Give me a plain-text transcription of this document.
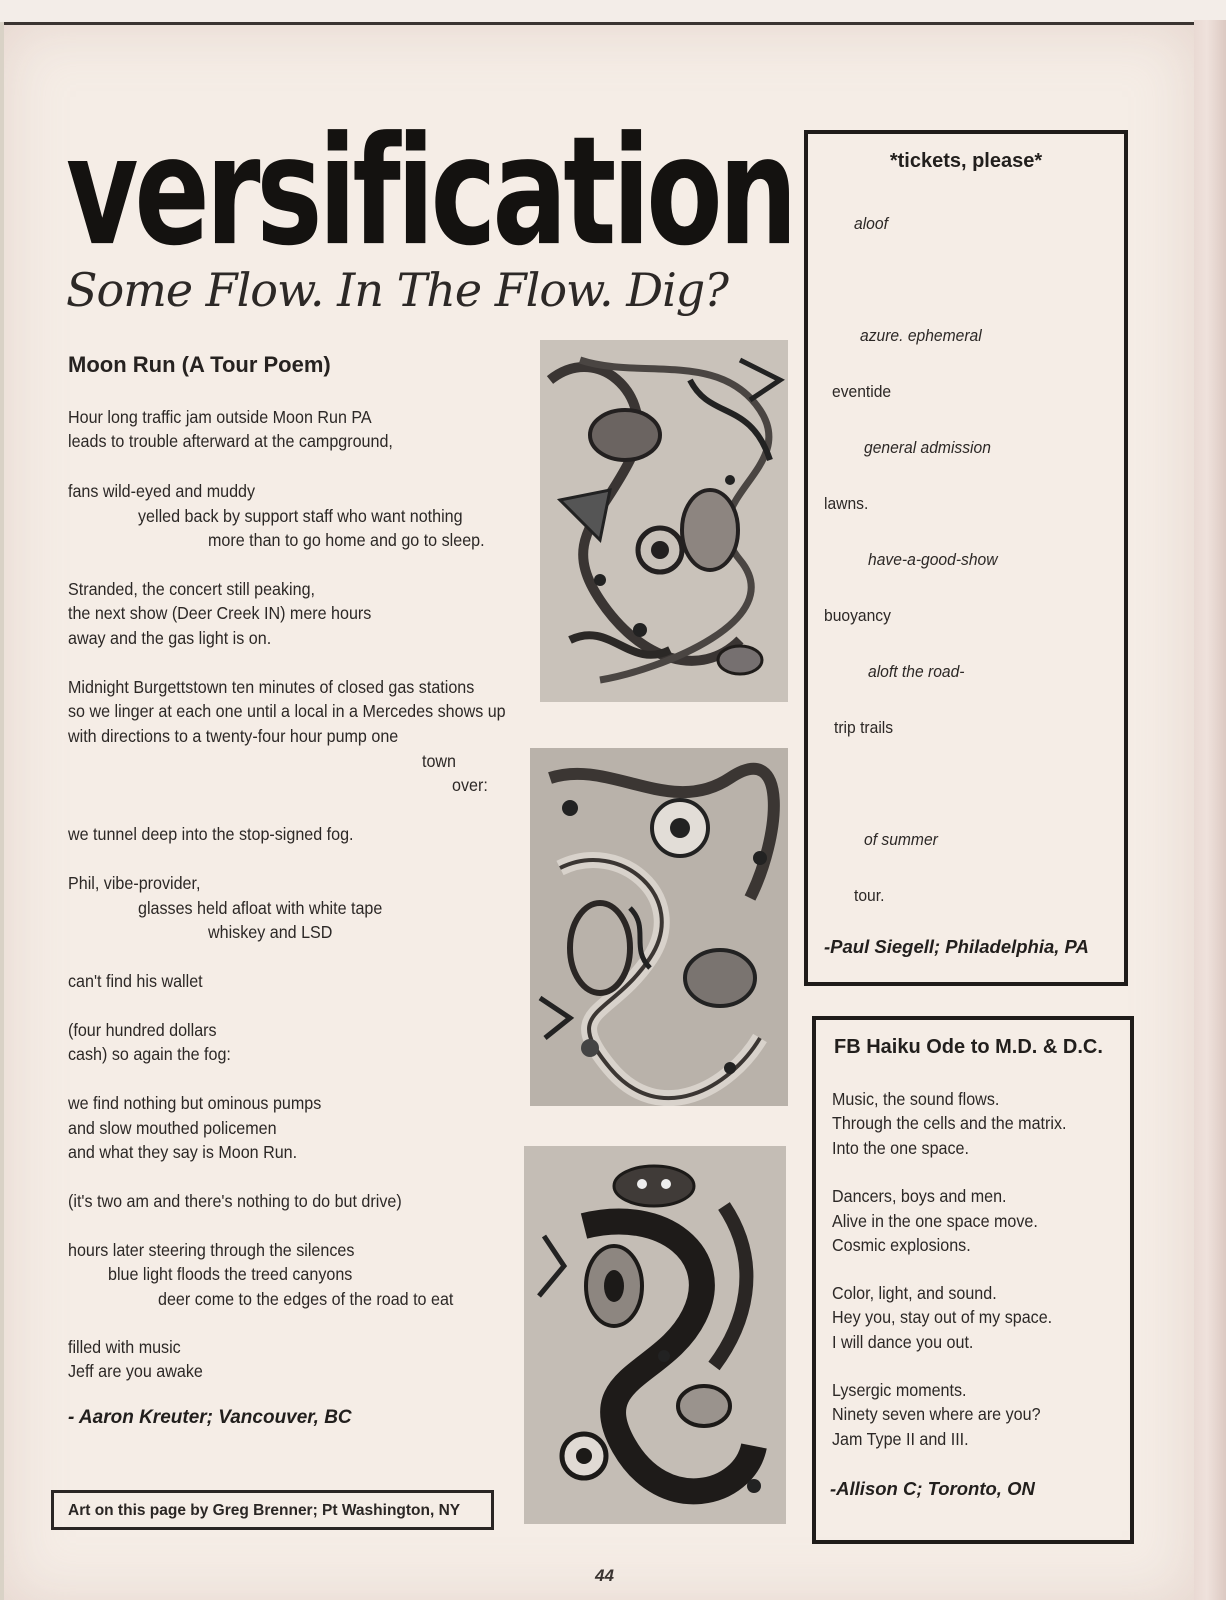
versification
Some Flow. In The Flow. Dig?
Moon Run (A Tour Poem)
Hour long traffic jam outside Moon Run PA
leads to trouble afterward at the campground,
fans wild-eyed and muddy
yelled back by support staff who want nothing
more than to go home and go to sleep.
Stranded, the concert still peaking,
the next show (Deer Creek IN) mere hours
away and the gas light is on.
Midnight Burgettstown ten minutes of closed gas stations
so we linger at each one until a local in a Mercedes shows up
with directions to a twenty-four hour pump one
town
over:
we tunnel deep into the stop-signed fog.
Phil, vibe-provider,
glasses held afloat with white tape
whiskey and LSD
can't find his wallet
(four hundred dollars
cash) so again the fog:
we find nothing but ominous pumps
and slow mouthed policemen
and what they say is Moon Run.
(it's two am and there's nothing to do but drive)
hours later steering through the silences
blue light floods the treed canyons
deer come to the edges of the road to eat
filled with music
Jeff are you awake
- Aaron Kreuter; Vancouver, BC
Art on this page by Greg Brenner; Pt Washington, NY
*tickets, please*
aloof
azure. ephemeral
eventide
general admission
lawns.
have-a-good-show
buoyancy
aloft the road-
trip trails
of summer
tour.
-Paul Siegell; Philadelphia, PA
FB Haiku Ode to M.D. & D.C.
Music, the sound flows.
Through the cells and the matrix.
Into the one space.
Dancers, boys and men.
Alive in the one space move.
Cosmic explosions.
Color, light, and sound.
Hey you, stay out of my space.
I will dance you out.
Lysergic moments.
Ninety seven where are you?
Jam Type II and III.
-Allison C; Toronto, ON
44
